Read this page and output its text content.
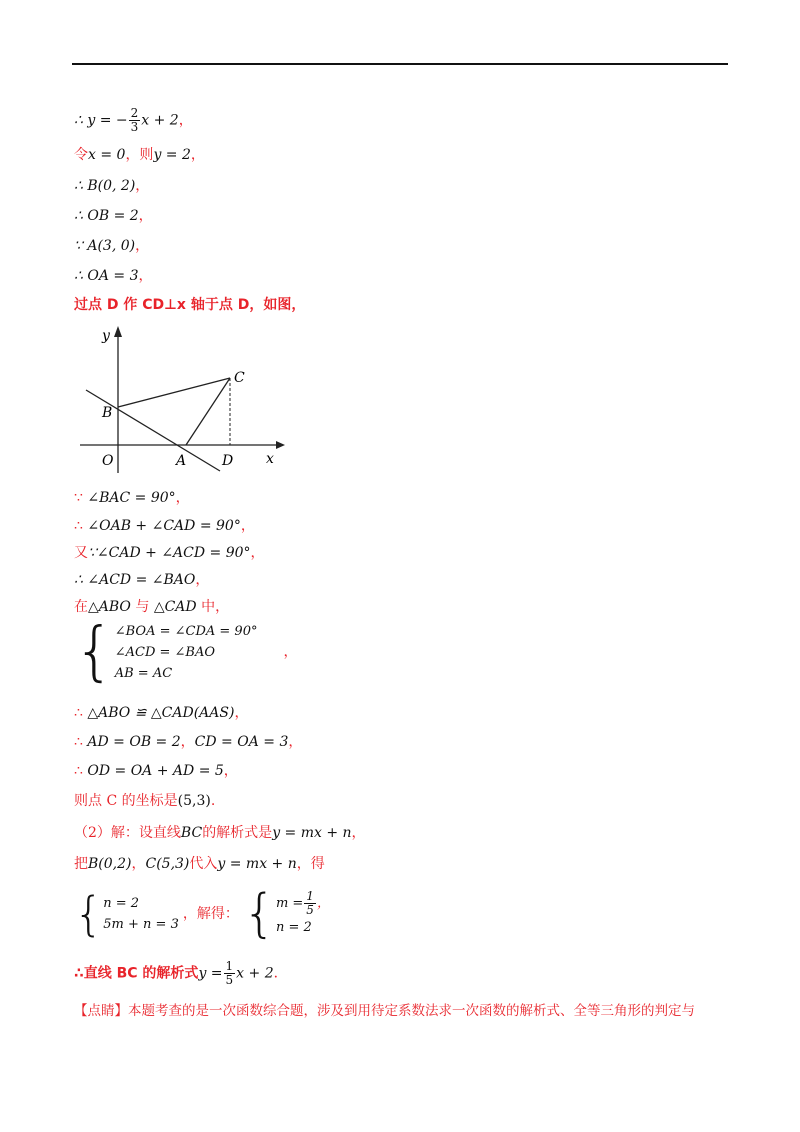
∴ y = − $\frac{2}{3}$ x + 2，
令x = 0，则y = 2，
∴ B(0, 2)，
∴ OB = 2，
∵ A(3, 0)，
∴ OA = 3，
过点 D 作 CD⊥x 轴于点 D，如图，
y
x
O	A
B
C
D
∵ ∠BAC = 90°，
∴ ∠OAB + ∠CAD = 90°，
又∵∠CAD + ∠ACD = 90°，
∴ ∠ACD = ∠BAO，
在△ABO 与 △CAD 中，
{ ∠BOA = ∠CDA = 90°
∠ACD = ∠BAO
AB = AC
，
∴ △ABO ≌ △CAD(AAS)，
∴ AD = OB = 2，CD = OA = 3，
∴ OD = OA + AD = 5，
则点 C 的坐标是(5,3).
（2）解：设直线BC的解析式是y = mx + n，
把B(0,2)，C(5,3)代入y = mx + n，得
{ n = 2
5m + n = 3
，解得：{ $m = \frac{1}{5}$ ，
n = 2
∴直线 BC 的解析式$y = \frac{1}{5}$ x + 2．
【点睛】本题考查的是一次函数综合题，涉及到用待定系数法求一次函数的解析式、全等三角形的判定与
